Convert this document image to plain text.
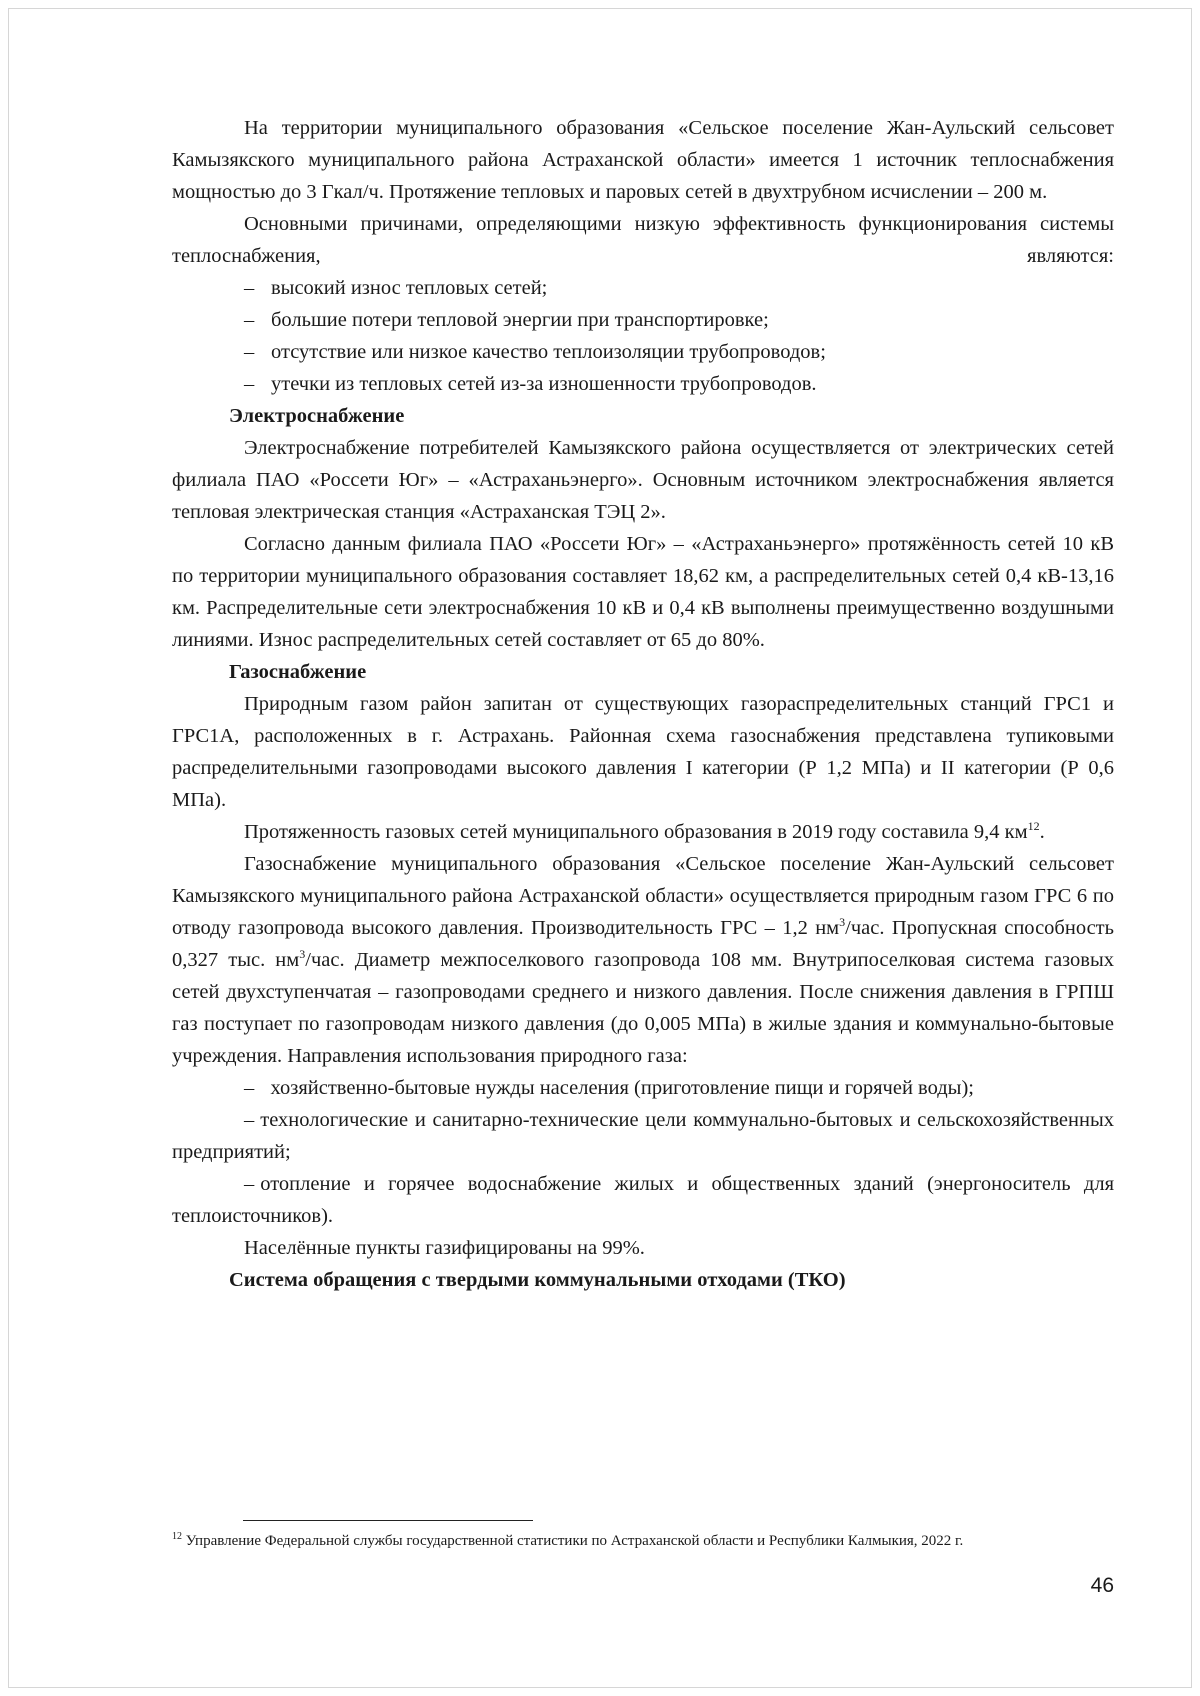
На территории муниципального образования «Сельское поселение Жан-Аульский сельсовет Камызякского муниципального района Астраханской области» имеется 1 источник теплоснабжения мощностью до 3 Гкал/ч. Протяжение тепловых и паровых сетей в двухтрубном исчислении – 200 м.

Основными причинами, определяющими низкую эффективность функционирования системы теплоснабжения, являются:

– высокий износ тепловых сетей;
– большие потери тепловой энергии при транспортировке;
– отсутствие или низкое качество теплоизоляции трубопроводов;
– утечки из тепловых сетей из-за изношенности трубопроводов.
Электроснабжение

Электроснабжение потребителей Камызякского района осуществляется от электрических сетей филиала ПАО «Россети Юг» – «Астраханьэнерго». Основным источником электроснабжения является тепловая электрическая станция «Астраханская ТЭЦ 2».

Согласно данным филиала ПАО «Россети Юг» – «Астраханьэнерго» протяжённость сетей 10 кВ по территории муниципального образования составляет 18,62 км, а распределительных сетей 0,4 кВ-13,16 км. Распределительные сети электроснабжения 10 кВ и 0,4 кВ выполнены преимущественно воздушными линиями. Износ распределительных сетей составляет от 65 до 80%.

Газоснабжение

Природным газом район запитан от существующих газораспределительных станций ГРС1 и ГРС1А, расположенных в г. Астрахань. Районная схема газоснабжения представлена тупиковыми распределительными газопроводами высокого давления I категории (Р 1,2 МПа) и II категории (Р 0,6 МПа).

Протяженность газовых сетей муниципального образования в 2019 году составила 9,4 $км^{12}$.

Газоснабжение муниципального образования «Сельское поселение Жан-Аульский сельсовет Камызякского муниципального района Астраханской области» осуществляется природным газом ГРС 6 по отводу газопровода высокого давления. Производительность ГРС – 1,2 $нм^3$/час. Пропускная способность 0,327 тыс. $нм^3$/час. Диаметр межпоселкового газопровода 108 мм. Внутрипоселковая система газовых сетей двухступенчатая – газопроводами среднего и низкого давления. После снижения давления в ГРПШ газ поступает по газопроводам низкого давления (до 0,005 МПа) в жилые здания и коммунально-бытовые учреждения. Направления использования природного газа:

– хозяйственно-бытовые нужды населения (приготовление пищи и горячей воды);

– технологические и санитарно-технические цели коммунально-бытовых и сельскохозяйственных предприятий;

– отопление и горячее водоснабжение жилых и общественных зданий (энергоноситель для теплоисточников).

Населённые пункты газифицированы на 99%.

Система обращения с твердыми коммунальными отходами (ТКО)
$^{12}$ Управление Федеральной службы государственной статистики по Астраханской области и Республики Калмыкия, 2022 г.
46
